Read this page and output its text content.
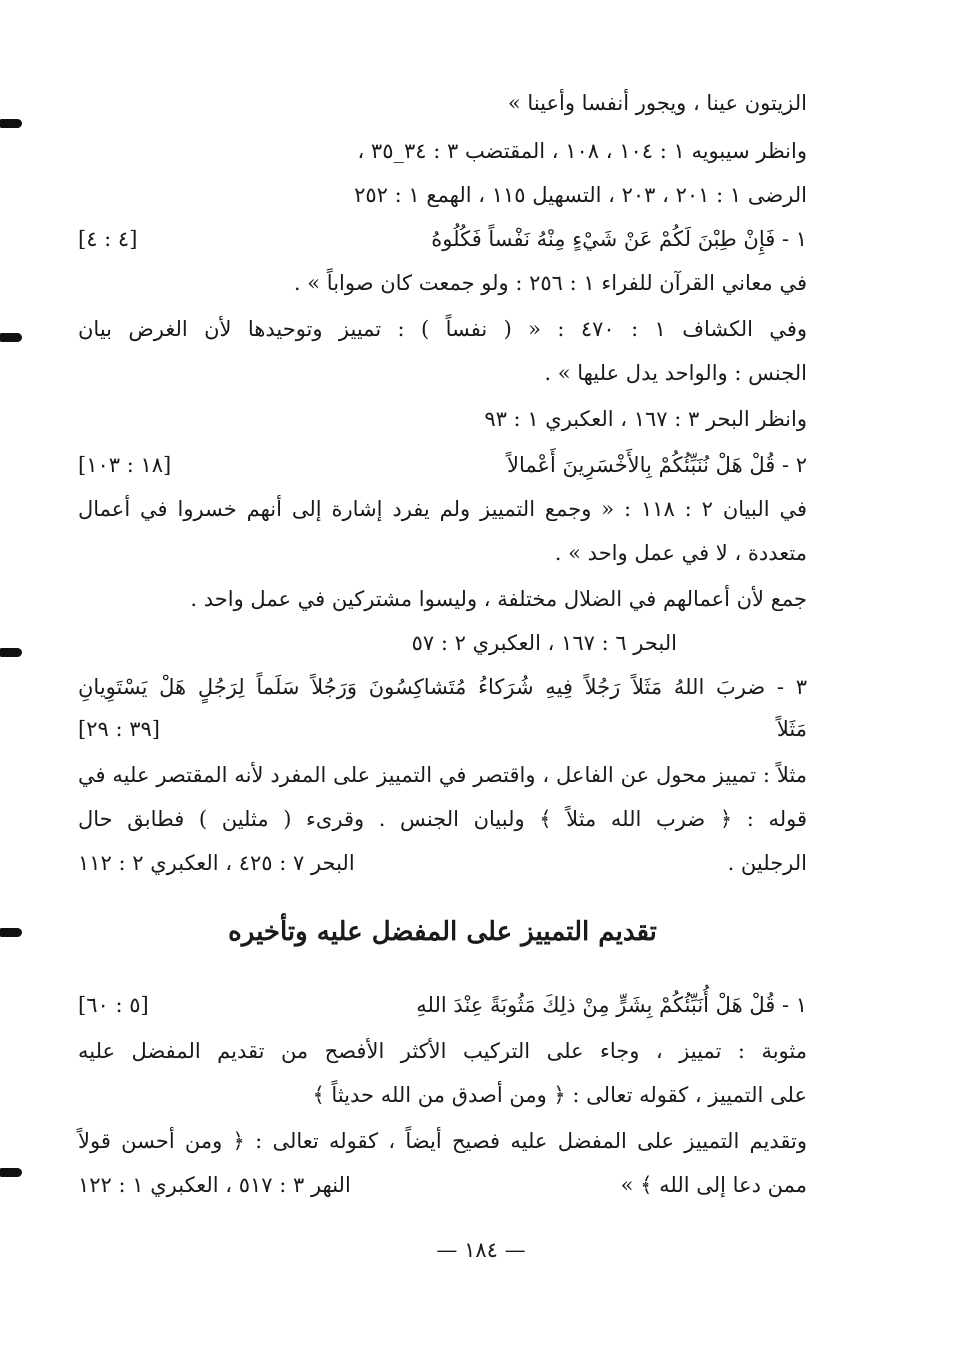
الزيتون عينا ، ويجور أنفسا وأعينا »
وانظر سيبويه ١ : ١٠٤ ، ١٠٨ ، المقتضب ٣ : ٣٤_٣٥ ،
الرضى ١ : ٢٠١ ، ٢٠٣ ، التسهيل ١١٥ ، الهمع ١ : ٢٥٢
١ - فَإِنْ طِبْنَ لَكُمْ عَنْ شَيْءٍ مِنْهُ نَفْساً فَكُلُوهُ
[٤ : ٤]
في معاني القرآن للفراء ١ : ٢٥٦ : ولو جمعت كان صواباً » .
وفي الكشاف ١ : ٤٧٠ : « ( نفساً ) : تمييز وتوحيدها لأن الغرض بيان
الجنس : والواحد يدل عليها » .
وانظر البحر ٣ : ١٦٧ ، العكبري ١ : ٩٣
٢ - قُلْ هَلْ نُنَبِّئُكُمْ بِالأَخْسَرِينَ أَعْمالاً
[١٨ : ١٠٣]
في البيان ٢ : ١١٨ : « وجمع التمييز ولم يفرد إشارة إلى أنهم خسروا في أعمال
متعددة ، لا في عمل واحد » .
جمع لأن أعمالهم في الضلال مختلفة ، وليسوا مشتركين في عمل واحد .
البحر ٦ : ١٦٧ ، العكبري ٢ : ٥٧
٣ - ضربَ اللهُ مَثَلاً رَجُلاً فِيهِ شُرَكاءُ مُتَشاكِسُونَ وَرَجُلاً سَلَماً لِرَجُلٍ هَلْ يَسْتَوِيانِ
مَثَلاً
[٣٩ : ٢٩]
مثلاً : تمييز محول عن الفاعل ، واقتصر في التمييز على المفرد لأنه المقتصر عليه في
قوله : ﴿ ضرب الله مثلاً ﴾ ولبيان الجنس . وقرىء ( مثلين ) فطابق حال
الرجلين .
البحر ٧ : ٤٢٥ ، العكبري ٢ : ١١٢
تقديم التمييز على المفضل عليه وتأخيره
١ - قُلْ هَلْ أُنَبِّئُكُمْ بِشَرٍّ مِنْ ذلِكَ مَثُوبَةً عِنْدَ اللهِ
[٥ : ٦٠]
مثوبة : تمييز ، وجاء على التركيب الأكثر الأفصح من تقديم المفضل عليه
على التمييز ، كقوله تعالى : ﴿ ومن أصدق من الله حديثاً ﴾
وتقديم التمييز على المفضل عليه فصيح أيضاً ، كقوله تعالى : ﴿ ومن أحسن قولاً
ممن دعا إلى الله ﴾ »
النهر ٣ : ٥١٧ ، العكبري ١ : ١٢٢
— ١٨٤ —
